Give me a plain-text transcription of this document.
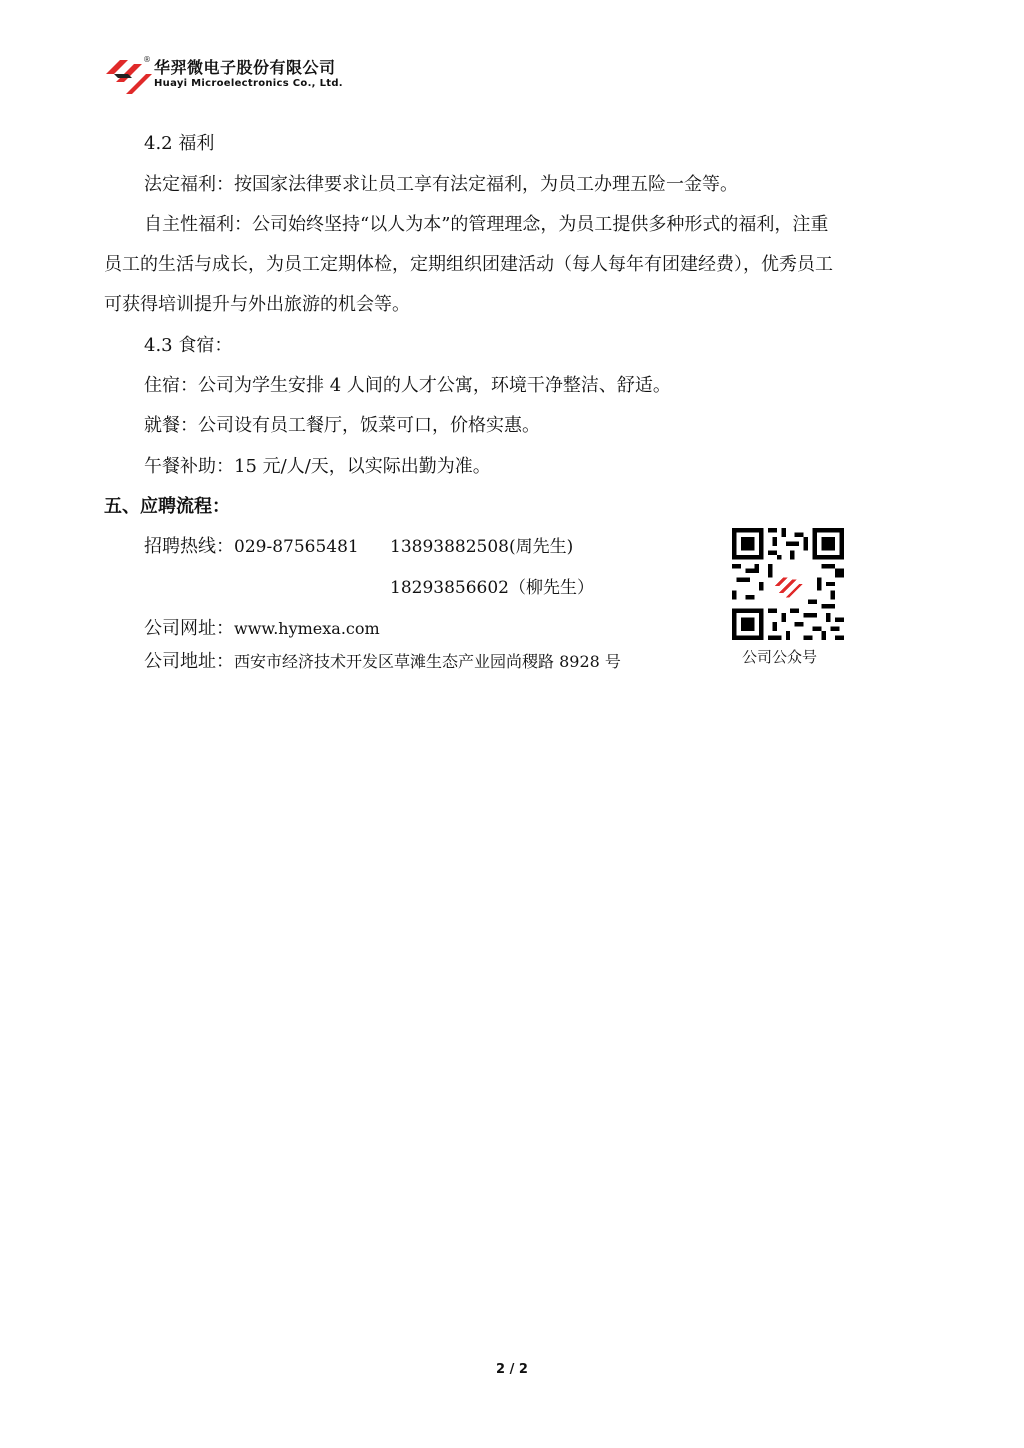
® 华羿微电子股份有限公司
Huayi Microelectronics Co., Ltd.
4.2 福利
法定福利：按国家法律要求让员工享有法定福利，为员工办理五险一金等。
自主性福利：公司始终坚持“以人为本”的管理理念，为员工提供多种形式的福利，注重
员工的生活与成长，为员工定期体检，定期组织团建活动（每人每年有团建经费），优秀员工
可获得培训提升与外出旅游的机会等。
4.3 食宿：
住宿：公司为学生安排 4 人间的人才公寓，环境干净整洁、舒适。
就餐：公司设有员工餐厅，饭菜可口，价格实惠。
午餐补助：15 元/人/天，以实际出勤为准。
五、应聘流程：
招聘热线：029-87565481 13893882508(周先生)
18293856602（柳先生）
公司网址：www.hymexa.com
公司地址：西安市经济技术开发区草滩生态产业园尚稷路 8928 号	公司公众号
2 / 2
